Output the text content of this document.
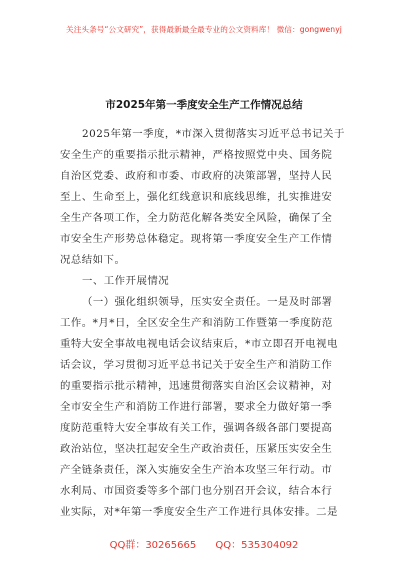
关注头条号“公文研究”，获得最新最全最专业的公文资料库！ 微信：gongwenyj
市2025年第一季度安全生产工作情况总结
2025年第一季度，*市深入贯彻落实习近平总书记关于
安全生产的重要指示批示精神，严格按照党中央、国务院
自治区党委、政府和市委、市政府的决策部署，坚持人民
至上、生命至上，强化红线意识和底线思维，扎实推进安
全生产各项工作，全力防范化解各类安全风险，确保了全
市安全生产形势总体稳定。现将第一季度安全生产工作情
况总结如下。
一、工作开展情况
（一）强化组织领导，压实安全责任。一是及时部署
工作。*月*日，全区安全生产和消防工作暨第一季度防范
重特大安全事故电视电话会议结束后，*市立即召开电视电
话会议，学习贯彻习近平总书记关于安全生产和消防工作
的重要指示批示精神，迅速贯彻落实自治区会议精神，对
全市安全生产和消防工作进行部署，要求全力做好第一季
度防范重特大安全事故有关工作，强调各级各部门要提高
政治站位，坚决扛起安全生产政治责任，压紧压实安全生
产全链条责任，深入实施安全生产治本攻坚三年行动。市
水利局、市国资委等多个部门也分别召开会议，结合本行
业实际，对*年第一季度安全生产工作进行具体安排。二是
QQ群：30265665 QQ：535304092
